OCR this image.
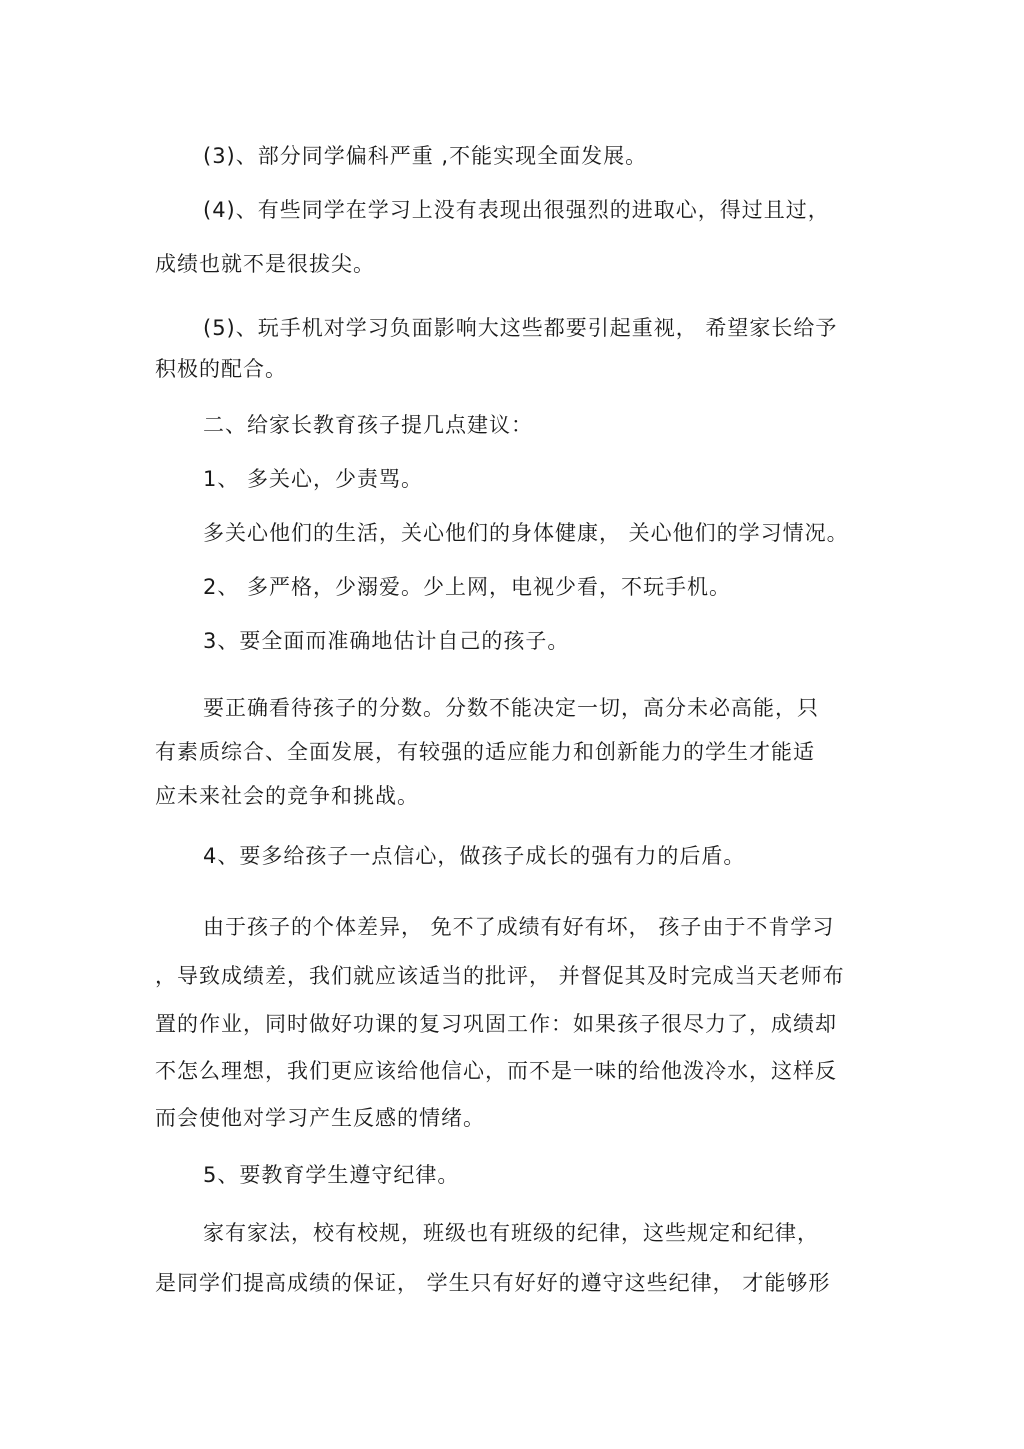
(3)、部分同学偏科严重 ,不能实现全面发展。
(4)、有些同学在学习上没有表现出很强烈的进取心，得过且过，
成绩也就不是很拔尖。
(5)、玩手机对学习负面影响大这些都要引起重视， 希望家长给予
积极的配合。
二、给家长教育孩子提几点建议：
1、 多关心，少责骂。
多关心他们的生活，关心他们的身体健康， 关心他们的学习情况。
2、 多严格，少溺爱。少上网，电视少看，不玩手机。
3、要全面而准确地估计自己的孩子。
要正确看待孩子的分数。分数不能决定一切，高分未必高能，只
有素质综合、全面发展，有较强的适应能力和创新能力的学生才能适
应未来社会的竞争和挑战。
4、要多给孩子一点信心，做孩子成长的强有力的后盾。
由于孩子的个体差异， 免不了成绩有好有坏， 孩子由于不肯学习
，导致成绩差，我们就应该适当的批评， 并督促其及时完成当天老师布
置的作业，同时做好功课的复习巩固工作：如果孩子很尽力了，成绩却
不怎么理想，我们更应该给他信心，而不是一味的给他泼冷水，这样反
而会使他对学习产生反感的情绪。
5、要教育学生遵守纪律。
家有家法，校有校规，班级也有班级的纪律，这些规定和纪律，
是同学们提高成绩的保证， 学生只有好好的遵守这些纪律， 才能够形
